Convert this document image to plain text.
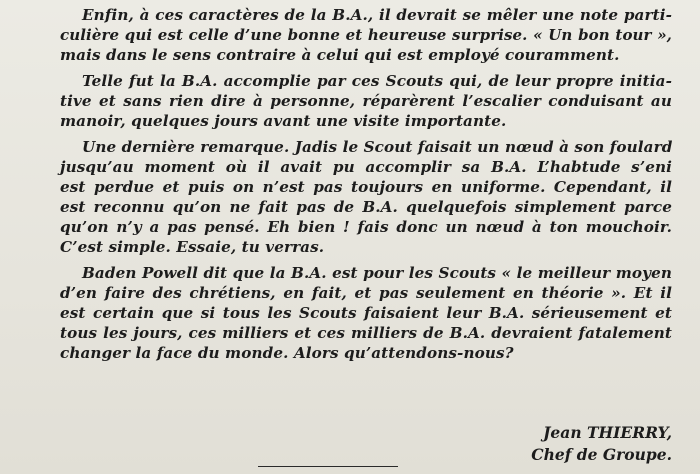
Enfin, à ces caractères de la B.A., il devrait se mêler une note parti-
culière qui est celle d’une bonne et heureuse surprise. « Un bon tour »,
mais dans le sens contraire à celui qui est employé couramment.
Telle fut la B.A. accomplie par ces Scouts qui, de leur propre initia-
tive et sans rien dire à personne, réparèrent l’escalier conduisant au
manoir, quelques jours avant une visite importante.
Une dernière remarque. Jadis le Scout faisait un nœud à son foulard
jusqu’au moment où il avait pu accomplir sa B.A. L’habtude s’eni
est perdue et puis on n’est pas toujours en uniforme. Cependant, il
est reconnu qu’on ne fait pas de B.A. quelquefois simplement parce
qu’on n’y a pas pensé. Eh bien ! fais donc un nœud à ton mouchoir.
C’est simple. Essaie, tu verras.
Baden Powell dit que la B.A. est pour les Scouts « le meilleur moyen
d’en faire des chrétiens, en fait, et pas seulement en théorie ». Et il
est certain que si tous les Scouts faisaient leur B.A. sérieusement et
tous les jours, ces milliers et ces milliers de B.A. devraient fatalement
changer la face du monde. Alors qu’attendons-nous?
Jean THIERRY,
Chef de Groupe.
